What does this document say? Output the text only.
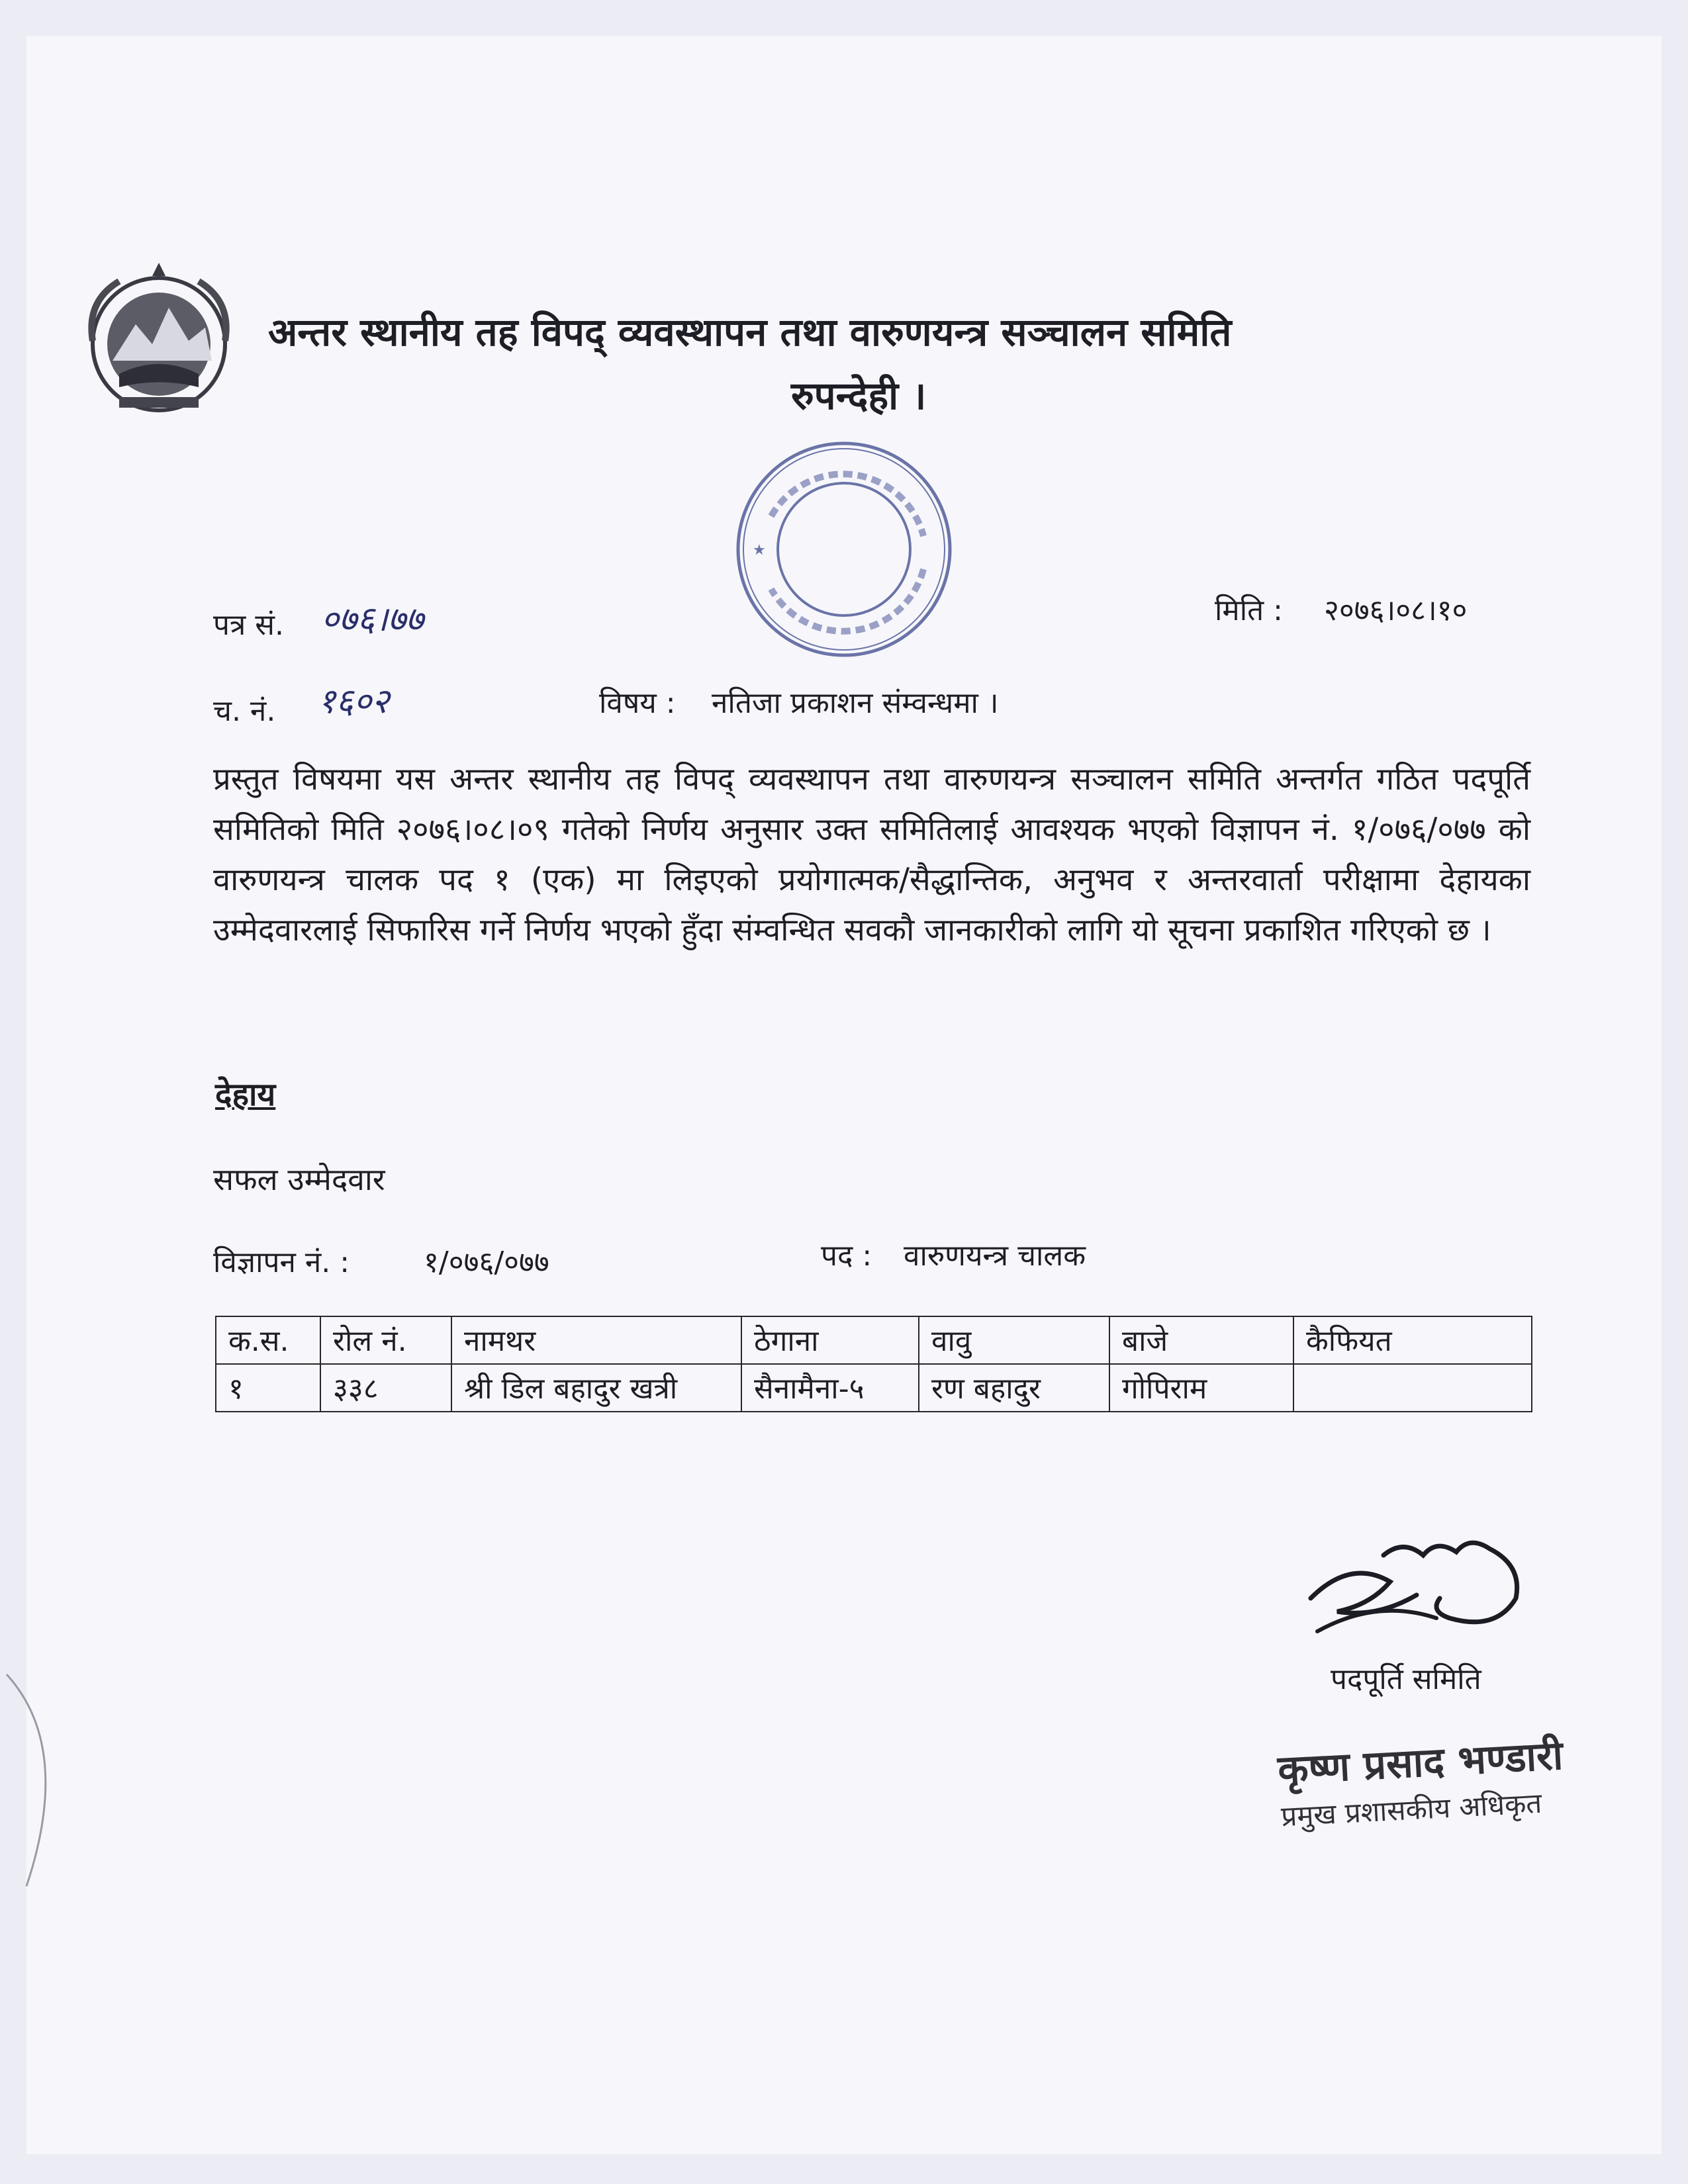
अन्तर स्थानीय तह विपद् व्यवस्थापन तथा वारुणयन्त्र सञ्चालन समिति
रुपन्देही ।
★
पत्र सं. ०७६।७७	मिति : २०७६।०८।१०
च. नं. १६०२	विषय : नतिजा प्रकाशन संम्वन्धमा ।
प्रस्तुत विषयमा यस अन्तर स्थानीय तह विपद् व्यवस्थापन तथा वारुणयन्त्र सञ्चालन समिति अन्तर्गत गठित पदपूर्ति समितिको मिति २०७६।०८।०९ गतेको निर्णय अनुसार उक्त समितिलाई आवश्यक भएको विज्ञापन नं. १/०७६/०७७ को वारुणयन्त्र चालक पद १ (एक) मा लिइएको प्रयोगात्मक/सैद्धान्तिक, अनुभव र अन्तरवार्ता परीक्षामा देहायका उम्मेदवारलाई सिफारिस गर्ने निर्णय भएको हुँदा संम्वन्धित सवकौ जानकारीको लागि यो सूचना प्रकाशित गरिएको छ ।
देहाय
सफल उम्मेदवार
विज्ञापन नं. :	१/०७६/०७७	पद : वारुणयन्त्र चालक
क.स.	रोल नं.	नामथर	ठेगाना	वावु	बाजे	कैफियत
१	३३८	श्री डिल बहादुर खत्री	सैनामैना-५	रण बहादुर	गोपिराम	
पदपूर्ति समिति
कृष्ण प्रसाद भण्डारी
प्रमुख प्रशासकीय अधिकृत
